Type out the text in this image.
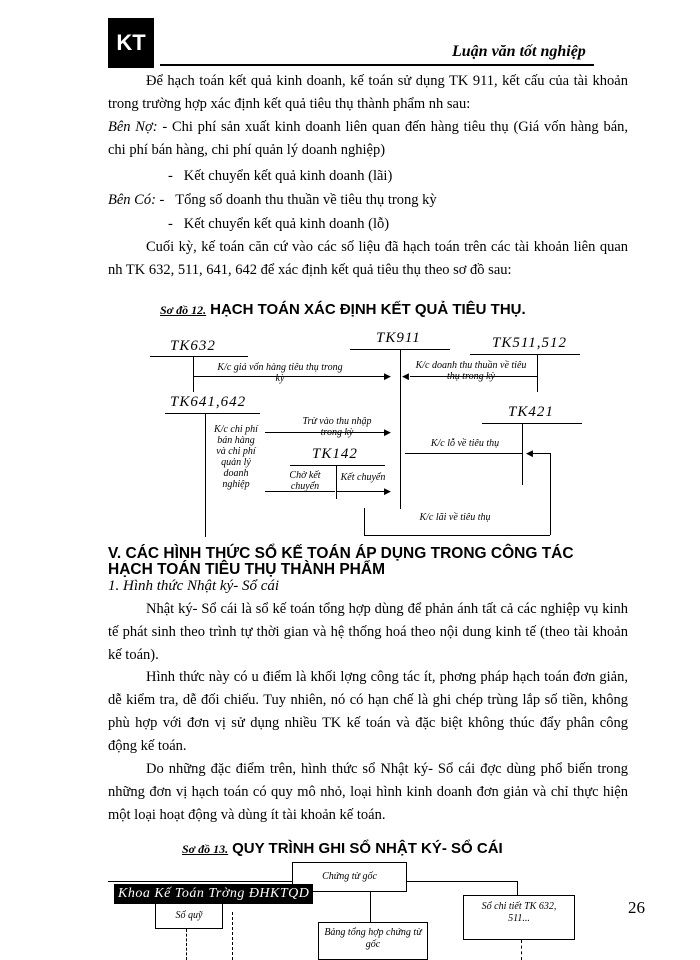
KT	Luận văn tốt nghiệp
Để hạch toán kết quả kinh doanh, kế toán sử dụng TK 911, kết cấu của tài khoản trong trường hợp xác định kết quả tiêu thụ thành phẩm nh sau:
Bên Nợ: - Chi phí sản xuất kinh doanh liên quan đến hàng tiêu thụ (Giá vốn hàng bán, chi phí bán hàng, chi phí quản lý doanh nghiệp)
-   Kết chuyển kết quả kinh doanh (lãi)
Bên Có: - Tổng số doanh thu thuần về tiêu thụ trong kỳ
-   Kết chuyển kết quả kinh doanh (lỗ)
Cuối kỳ, kế toán căn cứ vào các số liệu đã hạch toán trên các tài khoản liên quan nh TK 632, 511, 641, 642 để xác định kết quả tiêu thụ theo sơ đồ sau:
Sơ đồ 12. HẠCH TOÁN XÁC ĐỊNH KẾT QUẢ TIÊU THỤ.
TK632	TK911	TK511,512
▶
K/c giá vốn hàng tiêu thụ trong kỳ	◀
K/c doanh thu thuần về tiêu thụ trong kỳ
TK641,642
K/c chi phí bán hàng và chi phí quản lý doanh nghiệp
▶
Trừ vào thu nhập trong kỳ
TK421
K/c lỗ về tiêu thụ
TK142
Chờ kết chuyển	▶
Kết chuyển
◀
K/c lãi về tiêu thụ
V. CÁC HÌNH THỨC SỔ KẾ TOÁN ÁP DỤNG TRONG CÔNG TÁC
HẠCH TOÁN TIÊU THỤ THÀNH PHẨM
1. Hình thức Nhật ký- Sổ cái
Nhật ký- Sổ cái là sổ kế toán tổng hợp dùng để phản ánh tất cả các nghiệp vụ kinh tế phát sinh theo trình tự thời gian và hệ thống hoá theo nội dung kinh tế (theo tài khoản kế toán).
Hình thức này có u điểm là khối lợng công tác ít, phơng pháp hạch toán đơn giản, dễ kiểm tra, dễ đối chiếu. Tuy nhiên, nó có hạn chế là ghi chép trùng lắp số tiền, không phù hợp với đơn vị sử dụng nhiều TK kế toán và đặc biệt không thúc đẩy phân công động kế toán.
Do những đặc điểm trên, hình thức sổ Nhật ký- Sổ cái đợc dùng phổ biến trong những đơn vị hạch toán có quy mô nhỏ, loại hình kinh doanh đơn giản và chỉ thực hiện một loại hoạt động và dùng ít tài khoản kế toán.
Sơ đồ 13. QUY TRÌNH GHI SỔ NHẬT KÝ- SỔ CÁI
Chứng từ gốc
Sổ quỹ
Bảng tổng hợp chứng từ gốc
Sổ chi tiết TK 632, 511...
Khoa Kế Toán Trờng ĐHKTQD
26
